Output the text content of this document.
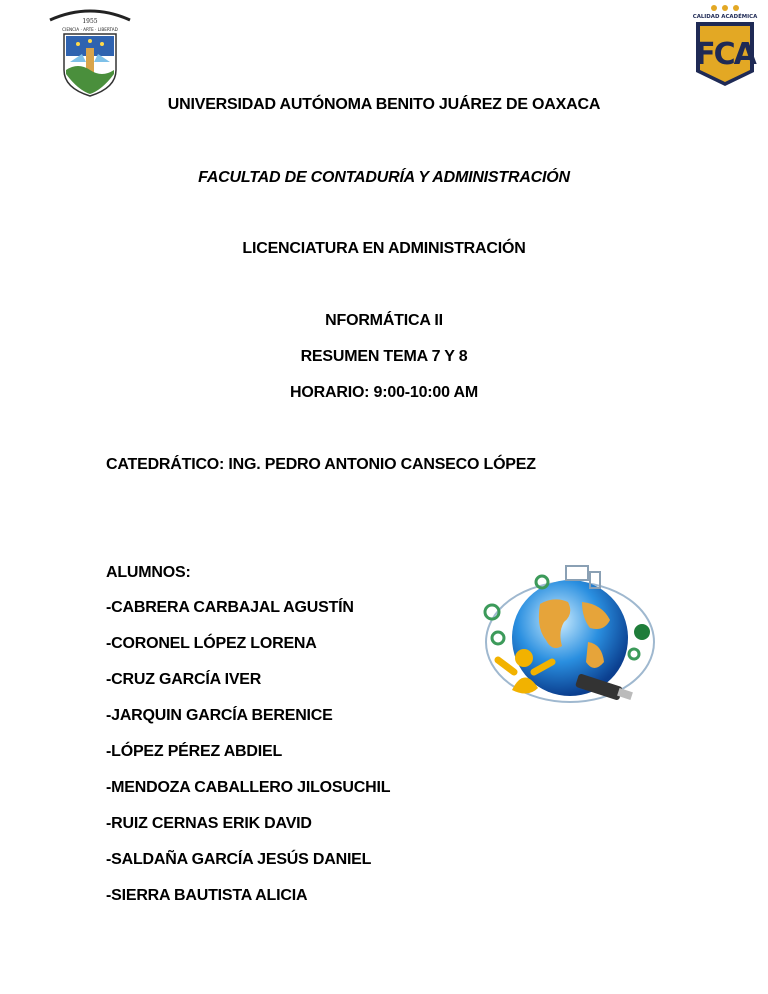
1955
CIENCIA · ARTE · LIBERTAD
CALIDAD ACADÉMICA
FCA
UNIVERSIDAD AUTÓNOMA BENITO JUÁREZ DE OAXACA
FACULTAD DE CONTADURÍA Y ADMINISTRACIÓN
LICENCIATURA EN ADMINISTRACIÓN
NFORMÁTICA II
RESUMEN TEMA 7 Y 8
HORARIO: 9:00-10:00 AM
CATEDRÁTICO: ING. PEDRO ANTONIO CANSECO LÓPEZ
ALUMNOS:
-CABRERA CARBAJAL AGUSTÍN
-CORONEL LÓPEZ LORENA
-CRUZ GARCÍA IVER
-JARQUIN GARCÍA BERENICE
-LÓPEZ PÉREZ ABDIEL
-MENDOZA CABALLERO JILOSUCHIL
-RUIZ CERNAS ERIK DAVID
-SALDAÑA GARCÍA JESÚS DANIEL
-SIERRA BAUTISTA ALICIA
